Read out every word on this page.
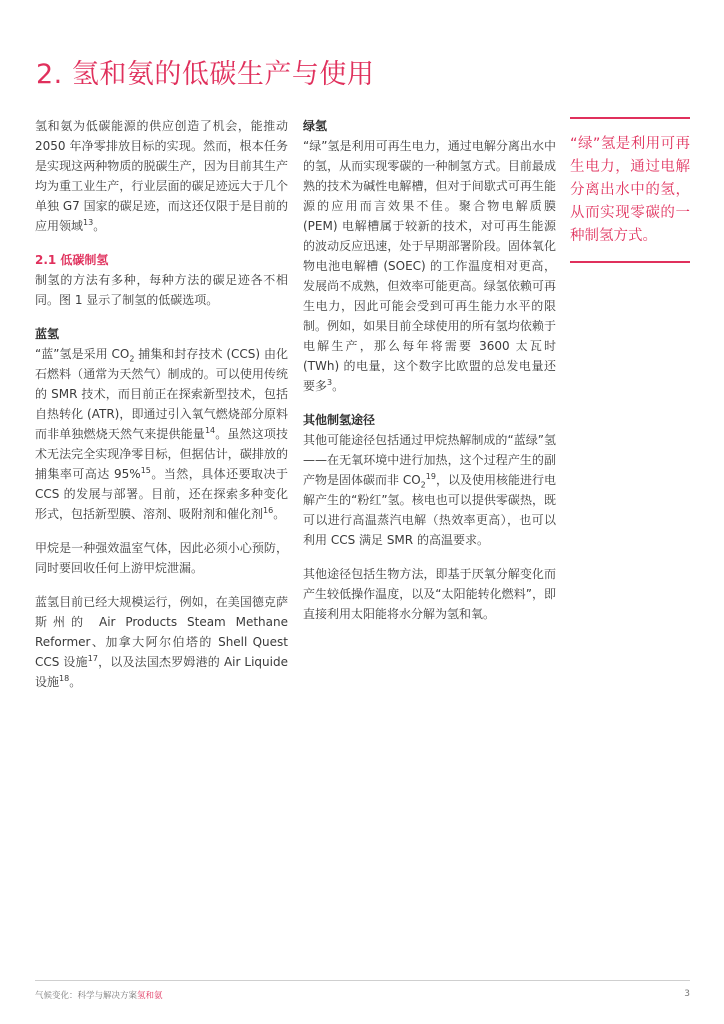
2. 氢和氨的低碳生产与使用

氢和氨为低碳能源的供应创造了机会，能推动 2050 年净零排放目标的实现。然而，根本任务是实现这两种物质的脱碳生产，因为目前其生产均为重工业生产，行业层面的碳足迹远大于几个单独 G7 国家的碳足迹，而这还仅限于是目前的应用领域$^{13}$。

2.1 低碳制氢

制氢的方法有多种，每种方法的碳足迹各不相同。图 1 显示了制氢的低碳选项。

蓝氢

“蓝”氢是采用 $CO_2$ 捕集和封存技术 (CCS) 由化石燃料（通常为天然气）制成的。可以使用传统的 SMR 技术，而目前正在探索新型技术，包括自热转化 (ATR)，即通过引入氧气燃烧部分原料而非单独燃烧天然气来提供能量$^{14}$。虽然这项技术无法完全实现净零目标，但据估计，碳排放的捕集率可高达 95%$^{15}$。当然，具体还要取决于 CCS 的发展与部署。目前，还在探索多种变化形式，包括新型膜、溶剂、吸附剂和催化剂$^{16}$。

甲烷是一种强效温室气体，因此必须小心预防，同时要回收任何上游甲烷泄漏。

蓝氢目前已经大规模运行，例如，在美国德克萨斯州的 Air Products Steam Methane Reformer、加拿大阿尔伯塔的 Shell Quest CCS 设施$^{17}$，以及法国杰罗姆港的 Air Liquide 设施$^{18}$。

绿氢

“绿”氢是利用可再生电力，通过电解分离出水中的氢，从而实现零碳的一种制氢方式。目前最成熟的技术为碱性电解槽，但对于间歇式可再生能源的应用而言效果不佳。聚合物电解质膜 (PEM) 电解槽属于较新的技术，对可再生能源的波动反应迅速，处于早期部署阶段。固体氧化物电池电解槽 (SOEC) 的工作温度相对更高，发展尚不成熟，但效率可能更高。绿氢依赖可再生电力，因此可能会受到可再生能力水平的限制。例如，如果目前全球使用的所有氢均依赖于电解生产，那么每年将需要 3600 太瓦时 (TWh) 的电量，这个数字比欧盟的总发电量还要多$^3$。

其他制氢途径

其他可能途径包括通过甲烷热解制成的“蓝绿”氢——在无氧环境中进行加热，这个过程产生的副产物是固体碳而非 $CO_2^{19}$，以及使用核能进行电解产生的“粉红”氢。核电也可以提供零碳热，既可以进行高温蒸汽电解（热效率更高），也可以利用 CCS 满足 SMR 的高温要求。

其他途径包括生物方法，即基于厌氧分解变化而产生较低操作温度，以及“太阳能转化燃料”，即直接利用太阳能将水分解为氢和氧。

“绿”氢是利用可再生电力，通过电解分离出水中的氢，从而实现零碳的一种制氢方式。

气候变化：科学与解决方案氢和氨	3
